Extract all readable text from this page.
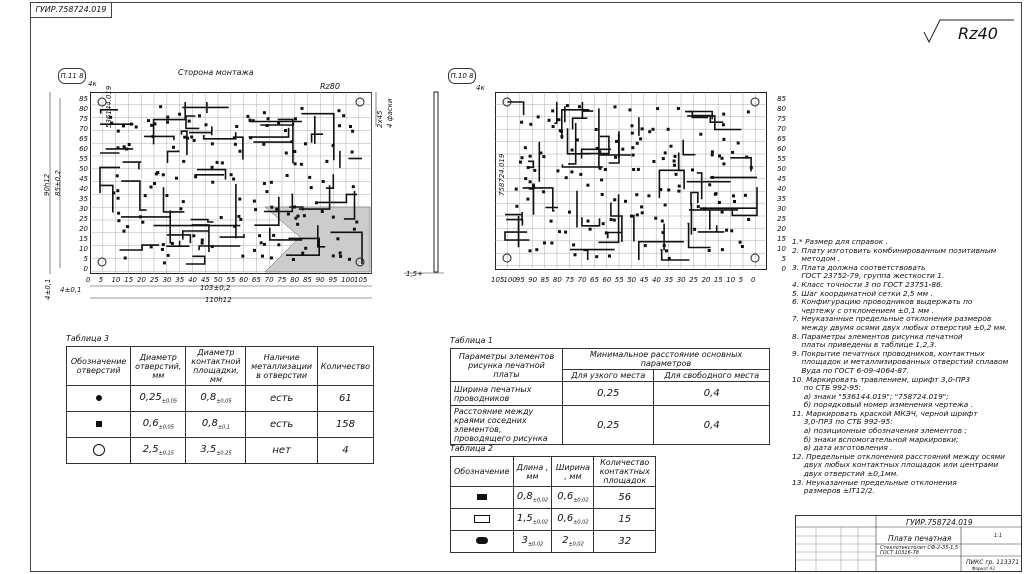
ГУИР.758724.019
Rz40
Сторона монтажа
П.11 8
4к	Rz80
85
80
75
70
65
60
55
50
45
40
35
30
25
20
15
10
5
0
0 5 10 15 20 25 30 35 40 45 50 55 60 65 70 75 80 85 90 95 100 105
536144.019
103±0,2
110h12
4±0,1
4±0,1
90h12 85±0,2
2х45 4 фаски
1,5+
П.10 8
4к
85
80
75
70
65
60
55
50
45
40
35
30
25
20
15
10
5
0
105 100 95 90 85 80 75 70 65 60 55 50 45 40 35 30 25 20 15 10 5 0
758724.019
Таблица 3
Обозначение отверстий	Диаметр отверстий, мм	Диаметр контактной площадки, мм	Наличие металлизации в отверстии	Количество
	$0,25_{\pm 0,05}$	$0,8_{\pm 0,05}$	есть	61
	$0,6_{\pm 0,05}$	$0,8_{\pm 0,1}$	есть	158
	$2,5_{\pm 0,15}$	$3,5_{\pm 0,25}$	нет	4
Таблица 1
Параметры элементов рисунка печатной платы	Минимальное расстояние основных параметров	
	Для узкого места	Для свободного места
Ширина печатных проводников	0,25	0,4
Расстояние между краями соседних элементов, проводящего рисунка	0,25	0,4
Таблица 2
Обозначение	Длина , мм	Ширина , мм	Количество контактных площадок
	$0,8_{\pm 0,02}$	$0,6_{\pm 0,02}$	56
	$1,5_{\pm 0,02}$	$0,6_{\pm 0,02}$	15
	$3_{\pm 0,02}$	$2_{\pm 0,02}$	32
1.* Размер для справок .
2. Плату изготовить комбинированным позитивным
методом .
3. Плата должна соответствовать
ГОСТ 23752-79, группа жесткости 1.
4. Класс точности 3 по ГОСТ 23751-86.
5. Шаг координатной сетки 2,5 мм .
6. Конфигурацию проводников выдержать по
чертежу с отклонением ±0,1 мм .
7. Неуказанные предельные отклонения размеров
между двумя осями двух любых отверстий ±0,2 мм.
8. Параметры элементов рисунка печатной
платы приведены в таблице 1,2,3.
9. Покрытие печатных проводников, контактных
площадок и металлизированных отверстий сплавом
Вуда по ГОСТ 6-09-4064-87.
10. Маркировать травлением, шрифт 3,0-ПР3
по СТБ 992-95:
а) знаки "536144.019"; "758724.019";
б) порядковый номер изменения чертежа .
11. Маркировать краской МКЭЧ, черной шрифт
3,0-ПР3 по СТБ 992-95:
а) позиционные обозначения элементов ;
б) знаки вспомогательной маркировки;
в) дата изготовления .
12. Предельные отклонения расстояний между осями
двух любых контактных площадок или центрами
двух отверстий ±0,1мм.
13. Неуказанные предельные отклонения
размеров ±IT12/2.
ГУИР.758724.019
Плата печатная
Стеклотекстолит СФ-2-35-1,5 ГОСТ 10316-78
ПИКС гр. 113371
1:1
Формат А3
